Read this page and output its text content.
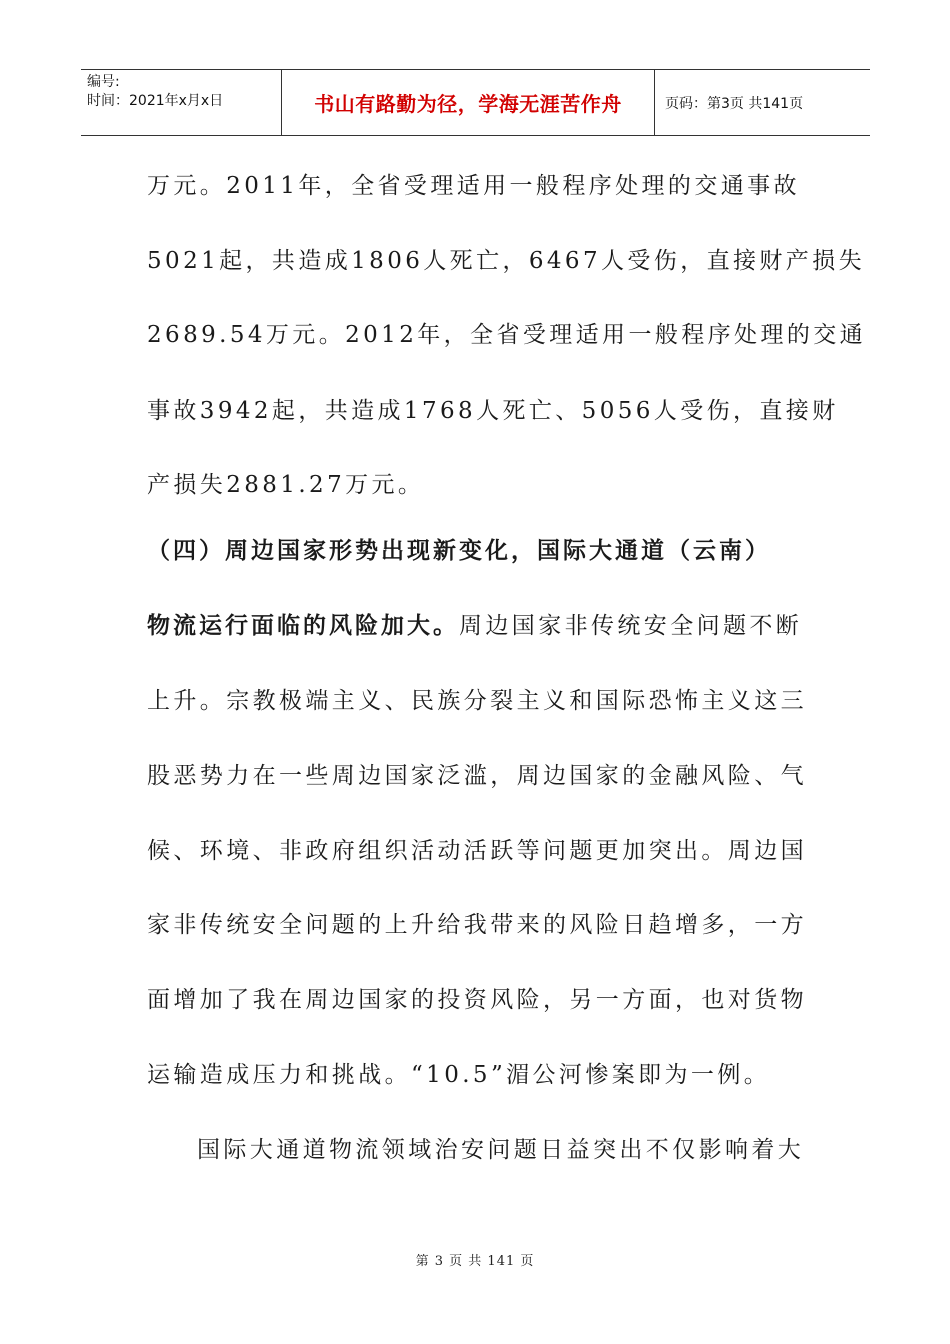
编号:
时间：2021年x月x日	书山有路勤为径，学海无涯苦作舟	页码：第3页 共141页
万元。2011年，全省受理适用一般程序处理的交通事故
5021起，共造成1806人死亡，6467人受伤，直接财产损失
2689.54万元。2012年，全省受理适用一般程序处理的交通
事故3942起，共造成1768人死亡、5056人受伤，直接财
产损失2881.27万元。
（四）周边国家形势出现新变化，国际大通道（云南）
物流运行面临的风险加大。周边国家非传统安全问题不断
上升。宗教极端主义、民族分裂主义和国际恐怖主义这三
股恶势力在一些周边国家泛滥，周边国家的金融风险、气
候、环境、非政府组织活动活跃等问题更加突出。周边国
家非传统安全问题的上升给我带来的风险日趋增多，一方
面增加了我在周边国家的投资风险，另一方面，也对货物
运输造成压力和挑战。“10.5”湄公河惨案即为一例。
国际大通道物流领域治安问题日益突出不仅影响着大
第 3 页 共 141 页
